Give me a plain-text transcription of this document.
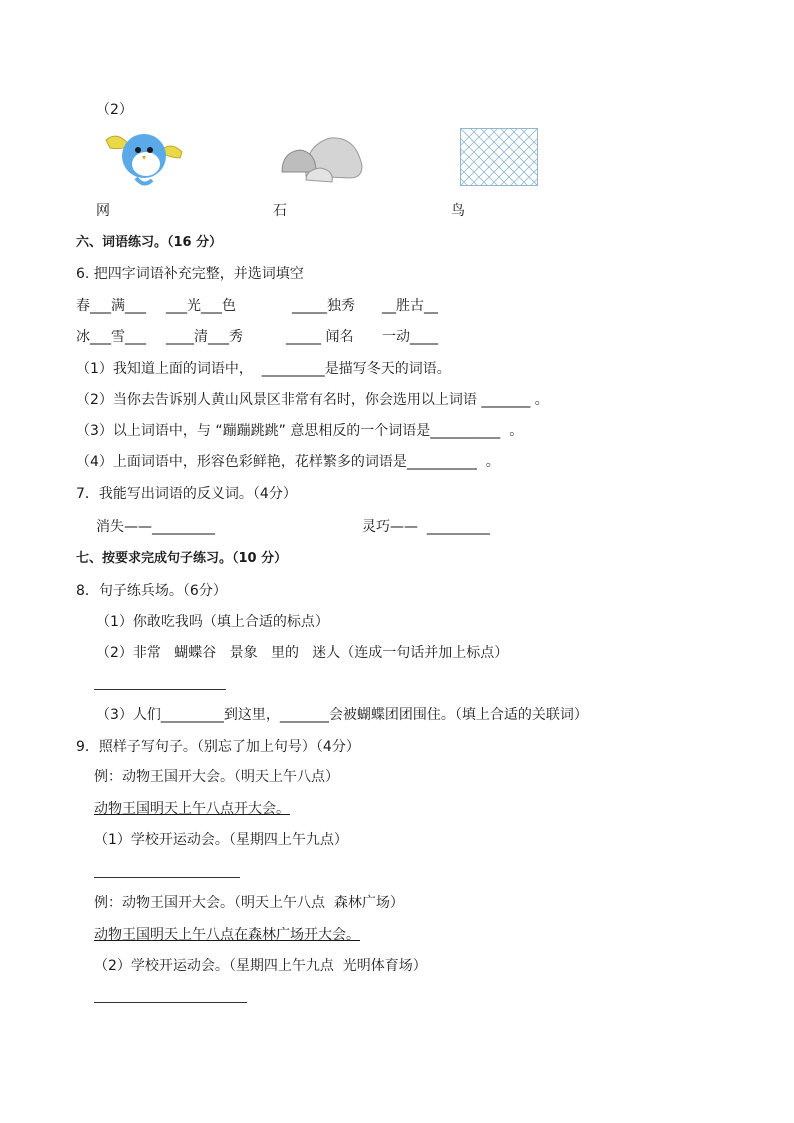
（2）
网	石	鸟
六、词语练习。（16 分）
6. 把四字词语补充完整，并选词填空
春___满___ ___光___色	_____独秀 __胜古__
冰___雪___ ____清___秀	_____ 闻名 一动____
（1）我知道上面的词语中，  _________是描写冬天的词语。
（2）当你去告诉别人黄山风景区非常有名时，你会选用以上词语 _______ 。
（3）以上词语中，与 “蹦蹦跳跳” 意思相反的一个词语是__________  。
（4）上面词语中，形容色彩鲜艳，花样繁多的词语是__________  。
7．我能写出词语的反义词。（4分）
消失——_________	灵巧——  _________
七、按要求完成句子练习。（10 分）
8．句子练兵场。（6分）
（1）你敢吃我吗（填上合适的标点）
（2）非常   蝴蝶谷   景象   里的   迷人（连成一句话并加上标点）
（3）人们_________到这里，_______会被蝴蝶团团围住。（填上合适的关联词）
9．照样子写句子。（别忘了加上句号）（4分）
例：动物王国开大会。（明天上午八点）
动物王国明天上午八点开大会。
（1）学校开运动会。（星期四上午九点）
例：动物王国开大会。（明天上午八点  森林广场）
动物王国明天上午八点在森林广场开大会。
（2）学校开运动会。（星期四上午九点  光明体育场）
